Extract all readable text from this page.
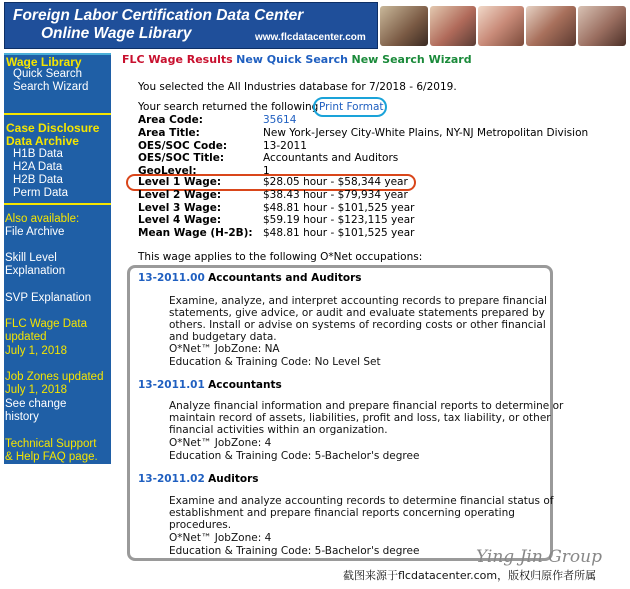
Foreign Labor Certification Data Center
Online Wage Library	www.flcdatacenter.com
Wage Library
Quick Search
Search Wizard
Case Disclosure
Data Archive
H1B Data
H2A Data
H2B Data
Perm Data
Also available:
File Archive
Skill Level
Explanation
SVP Explanation
FLC Wage Data
updated
July 1, 2018
Job Zones updated
July 1, 2018
See change
history
Technical Support
& Help FAQ page.
FLC Wage Results New Quick Search New Search Wizard
You selected the All Industries database for 7/2018 - 6/2019.
Your search returned the following Print Format
Area Code:	35614
Area Title:	New York-Jersey City-White Plains, NY-NJ Metropolitan Division
OES/SOC Code:	13-2011
OES/SOC Title:	Accountants and Auditors
GeoLevel:	1
Level 1 Wage:	$28.05 hour - $58,344 year
Level 2 Wage:	$38.43 hour - $79,934 year
Level 3 Wage:	$48.81 hour - $101,525 year
Level 4 Wage:	$59.19 hour - $123,115 year
Mean Wage (H-2B): $48.81 hour - $101,525 year
This wage applies to the following O*Net occupations:
13-2011.00 Accountants and Auditors
Examine, analyze, and interpret accounting records to prepare financial
statements, give advice, or audit and evaluate statements prepared by
others. Install or advise on systems of recording costs or other financial
and budgetary data.
O*Net™ JobZone: NA
Education & Training Code: No Level Set
13-2011.01 Accountants
Analyze financial information and prepare financial reports to determine or
maintain record of assets, liabilities, profit and loss, tax liability, or other
financial activities within an organization.
O*Net™ JobZone: 4
Education & Training Code: 5-Bachelor's degree
13-2011.02 Auditors
Examine and analyze accounting records to determine financial status of
establishment and prepare financial reports concerning operating
procedures.
O*Net™ JobZone: 4
Education & Training Code: 5-Bachelor's degree	Ying Jin Group
截图来源于flcdatacenter.com，版权归原作者所属
